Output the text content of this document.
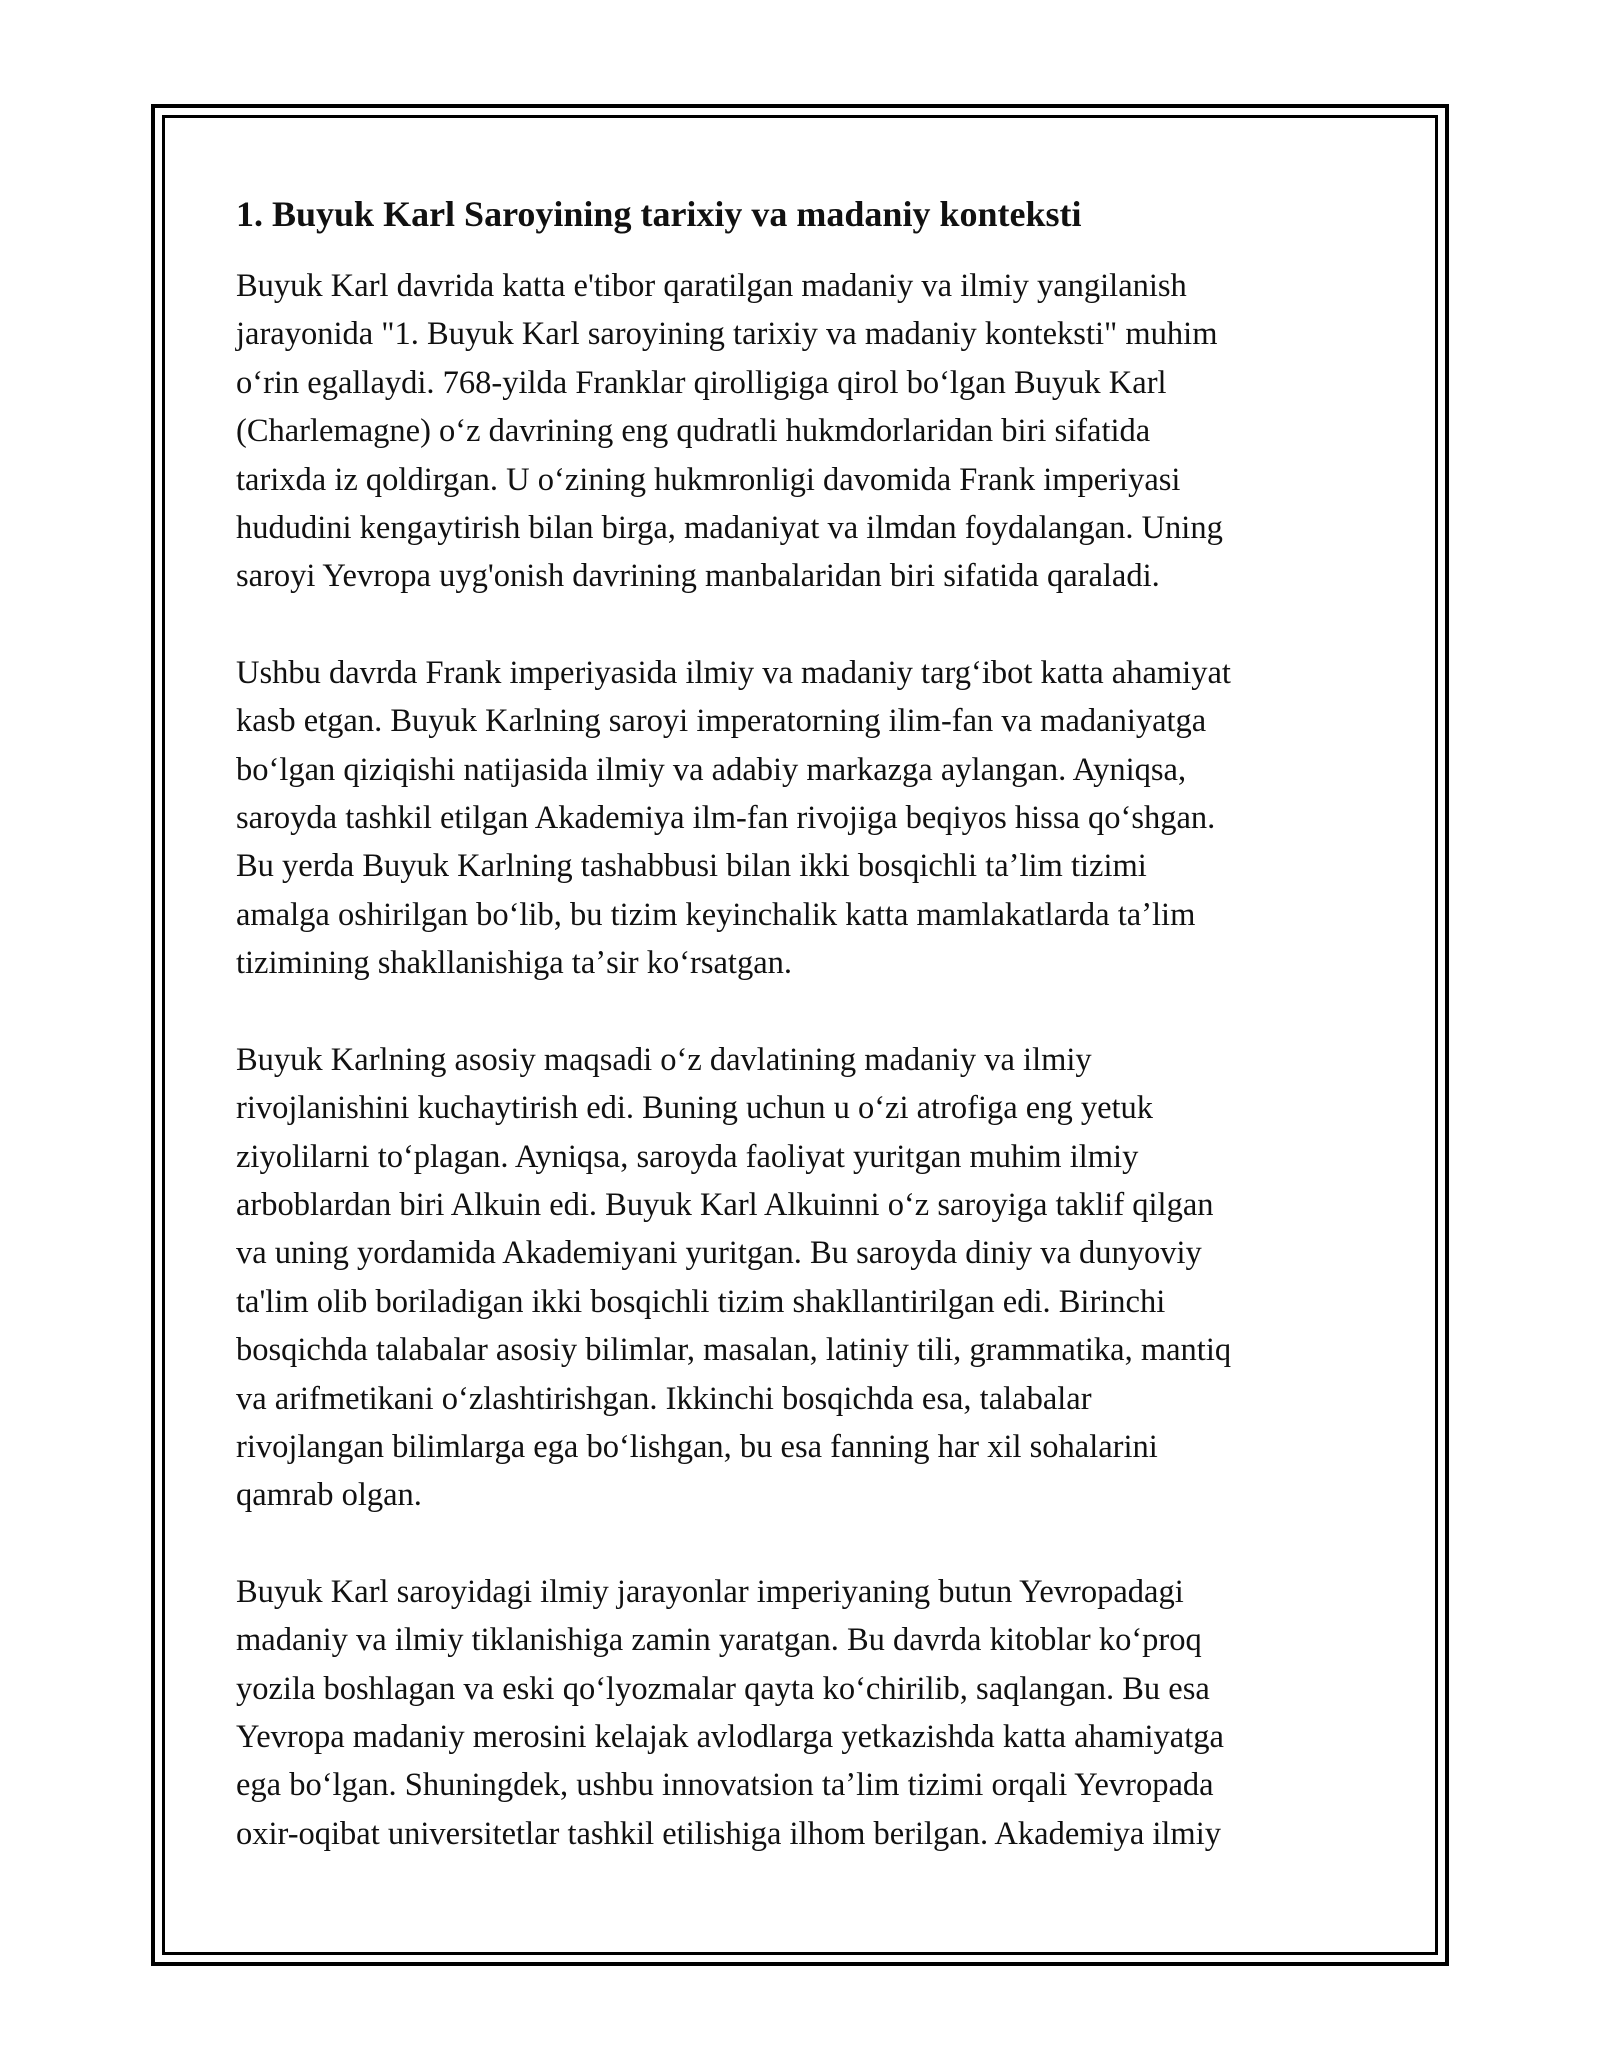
1. Buyuk Karl Saroyining tarixiy va madaniy konteksti

Buyuk Karl davrida katta e'tibor qaratilgan madaniy va ilmiy yangilanish
jarayonida "1. Buyuk Karl saroyining tarixiy va madaniy konteksti" muhim
oʻrin egallaydi. 768-yilda Franklar qirolligiga qirol boʻlgan Buyuk Karl
(Charlemagne) oʻz davrining eng qudratli hukmdorlaridan biri sifatida
tarixda iz qoldirgan. U oʻzining hukmronligi davomida Frank imperiyasi
hududini kengaytirish bilan birga, madaniyat va ilmdan foydalangan. Uning
saroyi Yevropa uyg'onish davrining manbalaridan biri sifatida qaraladi.

Ushbu davrda Frank imperiyasida ilmiy va madaniy targʻibot katta ahamiyat
kasb etgan. Buyuk Karlning saroyi imperatorning ilim-fan va madaniyatga
boʻlgan qiziqishi natijasida ilmiy va adabiy markazga aylangan. Ayniqsa,
saroyda tashkil etilgan Akademiya ilm-fan rivojiga beqiyos hissa qoʻshgan.
Bu yerda Buyuk Karlning tashabbusi bilan ikki bosqichli taʼlim tizimi
amalga oshirilgan boʻlib, bu tizim keyinchalik katta mamlakatlarda taʼlim
tizimining shakllanishiga taʼsir koʻrsatgan.

Buyuk Karlning asosiy maqsadi oʻz davlatining madaniy va ilmiy
rivojlanishini kuchaytirish edi. Buning uchun u oʻzi atrofiga eng yetuk
ziyolilarni toʻplagan. Ayniqsa, saroyda faoliyat yuritgan muhim ilmiy
arboblardan biri Alkuin edi. Buyuk Karl Alkuinni oʻz saroyiga taklif qilgan
va uning yordamida Akademiyani yuritgan. Bu saroyda diniy va dunyoviy
ta'lim olib boriladigan ikki bosqichli tizim shakllantirilgan edi. Birinchi
bosqichda talabalar asosiy bilimlar, masalan, latiniy tili, grammatika, mantiq
va arifmetikani oʻzlashtirishgan. Ikkinchi bosqichda esa, talabalar
rivojlangan bilimlarga ega boʻlishgan, bu esa fanning har xil sohalarini
qamrab olgan.

Buyuk Karl saroyidagi ilmiy jarayonlar imperiyaning butun Yevropadagi
madaniy va ilmiy tiklanishiga zamin yaratgan. Bu davrda kitoblar koʻproq
yozila boshlagan va eski qoʻlyozmalar qayta koʻchirilib, saqlangan. Bu esa
Yevropa madaniy merosini kelajak avlodlarga yetkazishda katta ahamiyatga
ega boʻlgan. Shuningdek, ushbu innovatsion taʼlim tizimi orqali Yevropada
oxir-oqibat universitetlar tashkil etilishiga ilhom berilgan. Akademiya ilmiy
